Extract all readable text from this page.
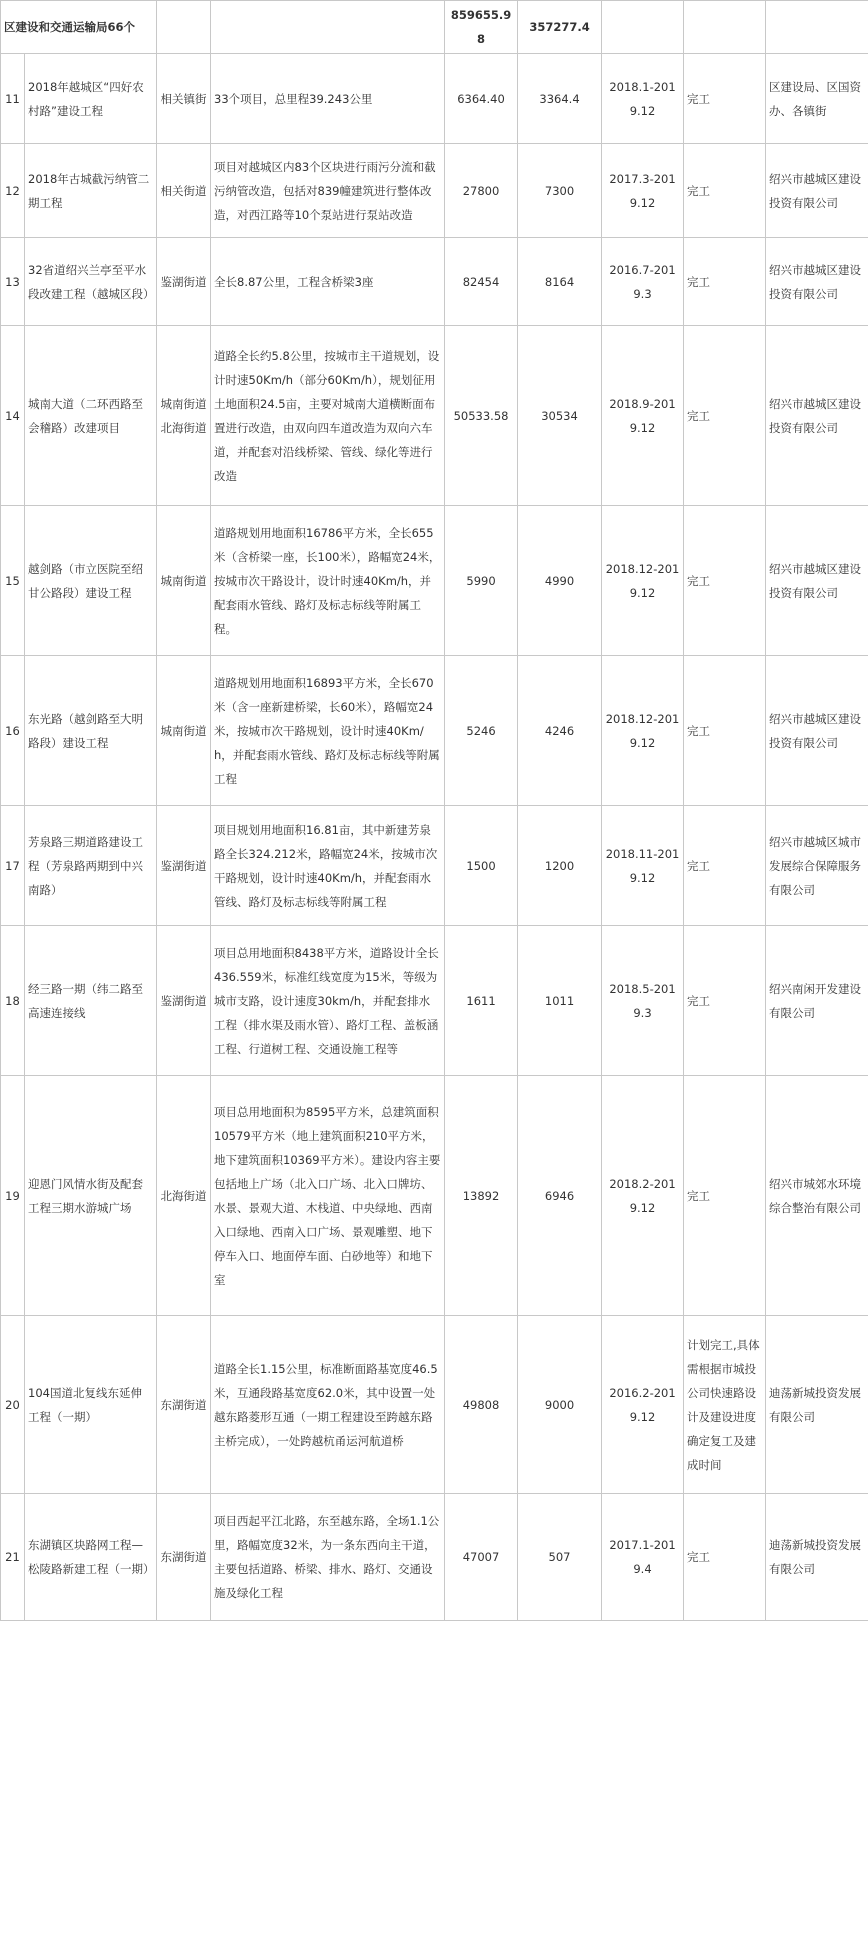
区建设和交通运输局66个				859655.98	357277.4			
11	2018年越城区“四好农村路”建设工程	相关镇街	33个项目，总里程39.243公里	6364.40	3364.4	2018.1-2019.12	完工	区建设局、区国资办、各镇街
12	2018年古城截污纳管二期工程	相关街道	项目对越城区内83个区块进行雨污分流和截污纳管改造，包括对839幢建筑进行整体改造，对西江路等10个泵站进行泵站改造	27800	7300	2017.3-2019.12	完工	绍兴市越城区建设投资有限公司
13	32省道绍兴兰亭至平水段改建工程（越城区段）	鉴湖街道	全长8.87公里，工程含桥梁3座	82454	8164	2016.7-2019.3	完工	绍兴市越城区建设投资有限公司
14	城南大道（二环西路至会稽路）改建项目	城南街道 北海街道	道路全长约5.8公里，按城市主干道规划，设计时速50Km/h（部分60Km/h），规划征用土地面积24.5亩，主要对城南大道横断面布置进行改造，由双向四车道改造为双向六车道，并配套对沿线桥梁、管线、绿化等进行改造	50533.58	30534	2018.9-2019.12	完工	绍兴市越城区建设投资有限公司
15	越剑路（市立医院至绍甘公路段）建设工程	城南街道	道路规划用地面积16786平方米，全长655米（含桥梁一座，长100米），路幅宽24米，按城市次干路设计，设计时速40Km/h，并配套雨水管线、路灯及标志标线等附属工程。	5990	4990	2018.12-2019.12	完工	绍兴市越城区建设投资有限公司
16	东光路（越剑路至大明路段）建设工程	城南街道	道路规划用地面积16893平方米，全长670米（含一座新建桥梁，长60米），路幅宽24米，按城市次干路规划，设计时速40Km/h，并配套雨水管线、路灯及标志标线等附属工程	5246	4246	2018.12-2019.12	完工	绍兴市越城区建设投资有限公司
17	芳泉路三期道路建设工程（芳泉路两期到中兴南路）	鉴湖街道	项目规划用地面积16.81亩，其中新建芳泉路全长324.212米，路幅宽24米，按城市次干路规划，设计时速40Km/h，并配套雨水管线、路灯及标志标线等附属工程	1500	1200	2018.11-2019.12	完工	绍兴市越城区城市发展综合保障服务有限公司
18	经三路一期（纬二路至高速连接线	鉴湖街道	项目总用地面积8438平方米，道路设计全长436.559米，标准红线宽度为15米，等级为城市支路，设计速度30km/h，并配套排水工程（排水渠及雨水管）、路灯工程、盖板涵工程、行道树工程、交通设施工程等	1611	1011	2018.5-2019.3	完工	绍兴南闲开发建设有限公司
19	迎恩门风情水街及配套工程三期水游城广场	北海街道	项目总用地面积为8595平方米，总建筑面积10579平方米（地上建筑面积210平方米，地下建筑面积10369平方米）。建设内容主要包括地上广场（北入口广场、北入口牌坊、水景、景观大道、木栈道、中央绿地、西南入口绿地、西南入口广场、景观雕塑、地下停车入口、地面停车面、白砂地等）和地下室	13892	6946	2018.2-2019.12	完工	绍兴市城郊水环境综合整治有限公司
20	104国道北复线东延伸工程（一期）	东湖街道	道路全长1.15公里，标准断面路基宽度46.5米，互通段路基宽度62.0米，其中设置一处越东路菱形互通（一期工程建设至跨越东路主桥完成），一处跨越杭甬运河航道桥	49808	9000	2016.2-2019.12	计划完工,具体需根据市城投公司快速路设计及建设进度确定复工及建成时间	迪荡新城投资发展有限公司
21	东湖镇区块路网工程—松陵路新建工程（一期）	东湖街道	项目西起平江北路，东至越东路，全场1.1公里，路幅宽度32米，为一条东西向主干道，主要包括道路、桥梁、排水、路灯、交通设施及绿化工程	47007	507	2017.1-2019.4	完工	迪荡新城投资发展有限公司
